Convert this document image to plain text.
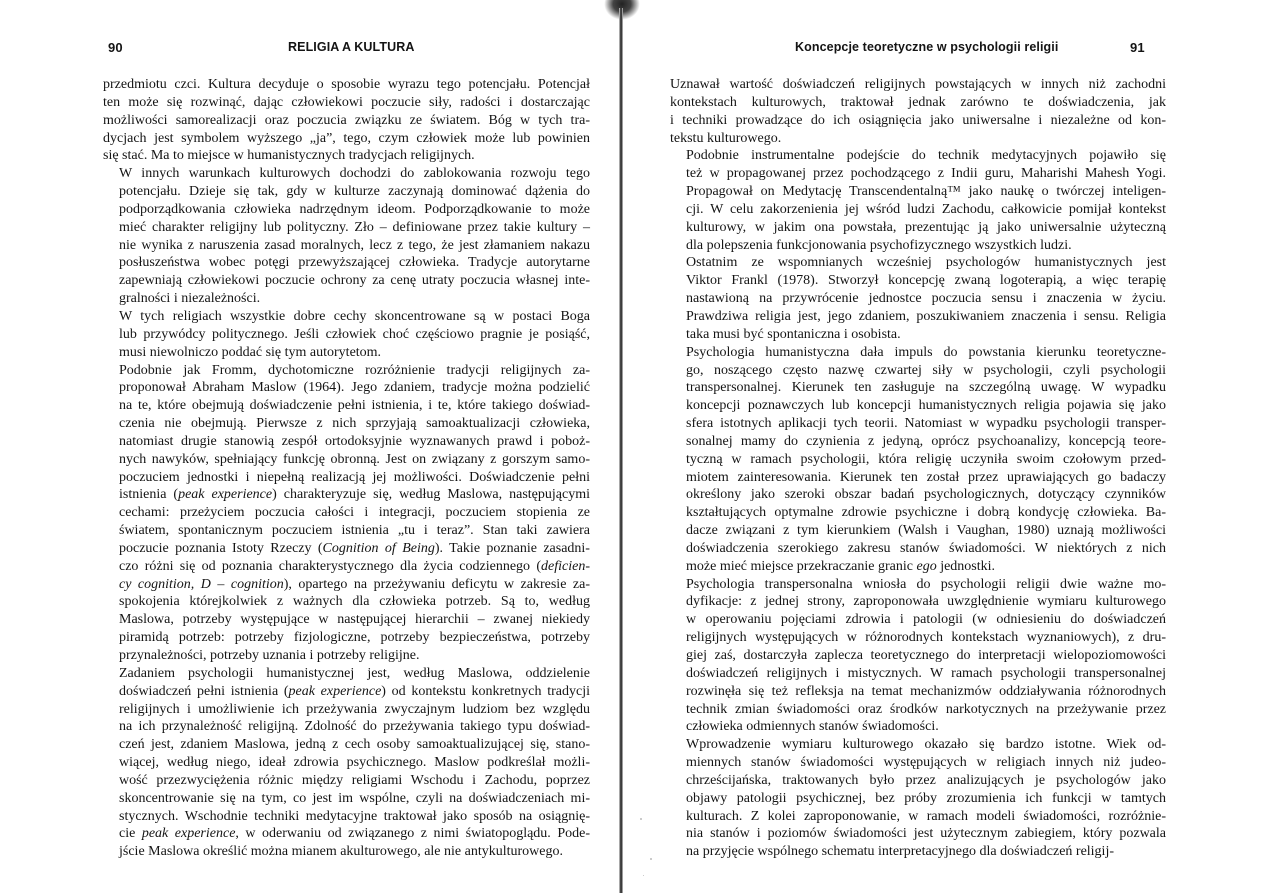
90	RELIGIA A KULTURA

przedmiotu czci. Kultura decyduje o sposobie wyrazu tego potencjału. Potencjał
ten może się rozwinąć, dając człowiekowi poczucie siły, radości i dostarczając
możliwości samorealizacji oraz poczucia związku ze światem. Bóg w tych tra-
dycjach jest symbolem wyższego „ja”, tego, czym człowiek może lub powinien
się stać. Ma to miejsce w humanistycznych tradycjach religijnych.

W innych warunkach kulturowych dochodzi do zablokowania rozwoju tego
potencjału. Dzieje się tak, gdy w kulturze zaczynają dominować dążenia do
podporządkowania człowieka nadrzędnym ideom. Podporządkowanie to może
mieć charakter religijny lub polityczny. Zło – definiowane przez takie kultury –
nie wynika z naruszenia zasad moralnych, lecz z tego, że jest złamaniem nakazu
posłuszeństwa wobec potęgi przewyższającej człowieka. Tradycje autorytarne
zapewniają człowiekowi poczucie ochrony za cenę utraty poczucia własnej inte-
gralności i niezależności.

W tych religiach wszystkie dobre cechy skoncentrowane są w postaci Boga
lub przywódcy politycznego. Jeśli człowiek choć częściowo pragnie je posiąść,
musi niewolniczo poddać się tym autorytetom.

Podobnie jak Fromm, dychotomiczne rozróżnienie tradycji religijnych za-
proponował Abraham Maslow (1964). Jego zdaniem, tradycje można podzielić
na te, które obejmują doświadczenie pełni istnienia, i te, które takiego doświad-
czenia nie obejmują. Pierwsze z nich sprzyjają samoaktualizacji człowieka,
natomiast drugie stanowią zespół ortodoksyjnie wyznawanych prawd i poboż-
nych nawyków, spełniający funkcję obronną. Jest on związany z gorszym samo-
poczuciem jednostki i niepełną realizacją jej możliwości. Doświadczenie pełni
istnienia (peak experience) charakteryzuje się, według Maslowa, następującymi
cechami: przeżyciem poczucia całości i integracji, poczuciem stopienia ze
światem, spontanicznym poczuciem istnienia „tu i teraz”. Stan taki zawiera
poczucie poznania Istoty Rzeczy (Cognition of Being). Takie poznanie zasadni-
czo różni się od poznania charakterystycznego dla życia codziennego (deficien-
cy cognition, D – cognition), opartego na przeżywaniu deficytu w zakresie za-
spokojenia którejkolwiek z ważnych dla człowieka potrzeb. Są to, według
Maslowa, potrzeby występujące w następującej hierarchii – zwanej niekiedy
piramidą potrzeb: potrzeby fizjologiczne, potrzeby bezpieczeństwa, potrzeby
przynależności, potrzeby uznania i potrzeby religijne.

Zadaniem psychologii humanistycznej jest, według Maslowa, oddzielenie
doświadczeń pełni istnienia (peak experience) od kontekstu konkretnych tradycji
religijnych i umożliwienie ich przeżywania zwyczajnym ludziom bez względu
na ich przynależność religijną. Zdolność do przeżywania takiego typu doświad-
czeń jest, zdaniem Maslowa, jedną z cech osoby samoaktualizującej się, stano-
wiącej, według niego, ideał zdrowia psychicznego. Maslow podkreślał możli-
wość przezwyciężenia różnic między religiami Wschodu i Zachodu, poprzez
skoncentrowanie się na tym, co jest im wspólne, czyli na doświadczeniach mi-
stycznych. Wschodnie techniki medytacyjne traktował jako sposób na osiągnię-
cie peak experience, w oderwaniu od związanego z nimi światopoglądu. Pode-
jście Maslowa określić można mianem akulturowego, ale nie antykulturowego.

Koncepcje teoretyczne w psychologii religii	91

Uznawał wartość doświadczeń religijnych powstających w innych niż zachodni
kontekstach kulturowych, traktował jednak zarówno te doświadczenia, jak
i techniki prowadzące do ich osiągnięcia jako uniwersalne i niezależne od kon-
tekstu kulturowego.

Podobnie instrumentalne podejście do technik medytacyjnych pojawiło się
też w propagowanej przez pochodzącego z Indii guru, Maharishi Mahesh Yogi.
Propagował on Medytację Transcendentalną™ jako naukę o twórczej inteligen-
cji. W celu zakorzenienia jej wśród ludzi Zachodu, całkowicie pomijał kontekst
kulturowy, w jakim ona powstała, prezentując ją jako uniwersalnie użyteczną
dla polepszenia funkcjonowania psychofizycznego wszystkich ludzi.

Ostatnim ze wspomnianych wcześniej psychologów humanistycznych jest
Viktor Frankl (1978). Stworzył koncepcję zwaną logoterapią, a więc terapię
nastawioną na przywrócenie jednostce poczucia sensu i znaczenia w życiu.
Prawdziwa religia jest, jego zdaniem, poszukiwaniem znaczenia i sensu. Religia
taka musi być spontaniczna i osobista.

Psychologia humanistyczna dała impuls do powstania kierunku teoretyczne-
go, noszącego często nazwę czwartej siły w psychologii, czyli psychologii
transpersonalnej. Kierunek ten zasługuje na szczególną uwagę. W wypadku
koncepcji poznawczych lub koncepcji humanistycznych religia pojawia się jako
sfera istotnych aplikacji tych teorii. Natomiast w wypadku psychologii transper-
sonalnej mamy do czynienia z jedyną, oprócz psychoanalizy, koncepcją teore-
tyczną w ramach psychologii, która religię uczyniła swoim czołowym przed-
miotem zainteresowania. Kierunek ten został przez uprawiających go badaczy
określony jako szeroki obszar badań psychologicznych, dotyczący czynników
kształtujących optymalne zdrowie psychiczne i dobrą kondycję człowieka. Ba-
dacze związani z tym kierunkiem (Walsh i Vaughan, 1980) uznają możliwości
doświadczenia szerokiego zakresu stanów świadomości. W niektórych z nich
może mieć miejsce przekraczanie granic ego jednostki.

Psychologia transpersonalna wniosła do psychologii religii dwie ważne mo-
dyfikacje: z jednej strony, zaproponowała uwzględnienie wymiaru kulturowego
w operowaniu pojęciami zdrowia i patologii (w odniesieniu do doświadczeń
religijnych występujących w różnorodnych kontekstach wyznaniowych), z dru-
giej zaś, dostarczyła zaplecza teoretycznego do interpretacji wielopoziomowości
doświadczeń religijnych i mistycznych. W ramach psychologii transpersonalnej
rozwinęła się też refleksja na temat mechanizmów oddziaływania różnorodnych
technik zmian świadomości oraz środków narkotycznych na przeżywanie przez
człowieka odmiennych stanów świadomości.

Wprowadzenie wymiaru kulturowego okazało się bardzo istotne. Wiek od-
miennych stanów świadomości występujących w religiach innych niż judeo-
chrześcijańska, traktowanych było przez analizujących je psychologów jako
objawy patologii psychicznej, bez próby zrozumienia ich funkcji w tamtych
kulturach. Z kolei zaproponowanie, w ramach modeli świadomości, rozróżnie-
nia stanów i poziomów świadomości jest użytecznym zabiegiem, który pozwala
na przyjęcie wspólnego schematu interpretacyjnego dla doświadczeń religij-
